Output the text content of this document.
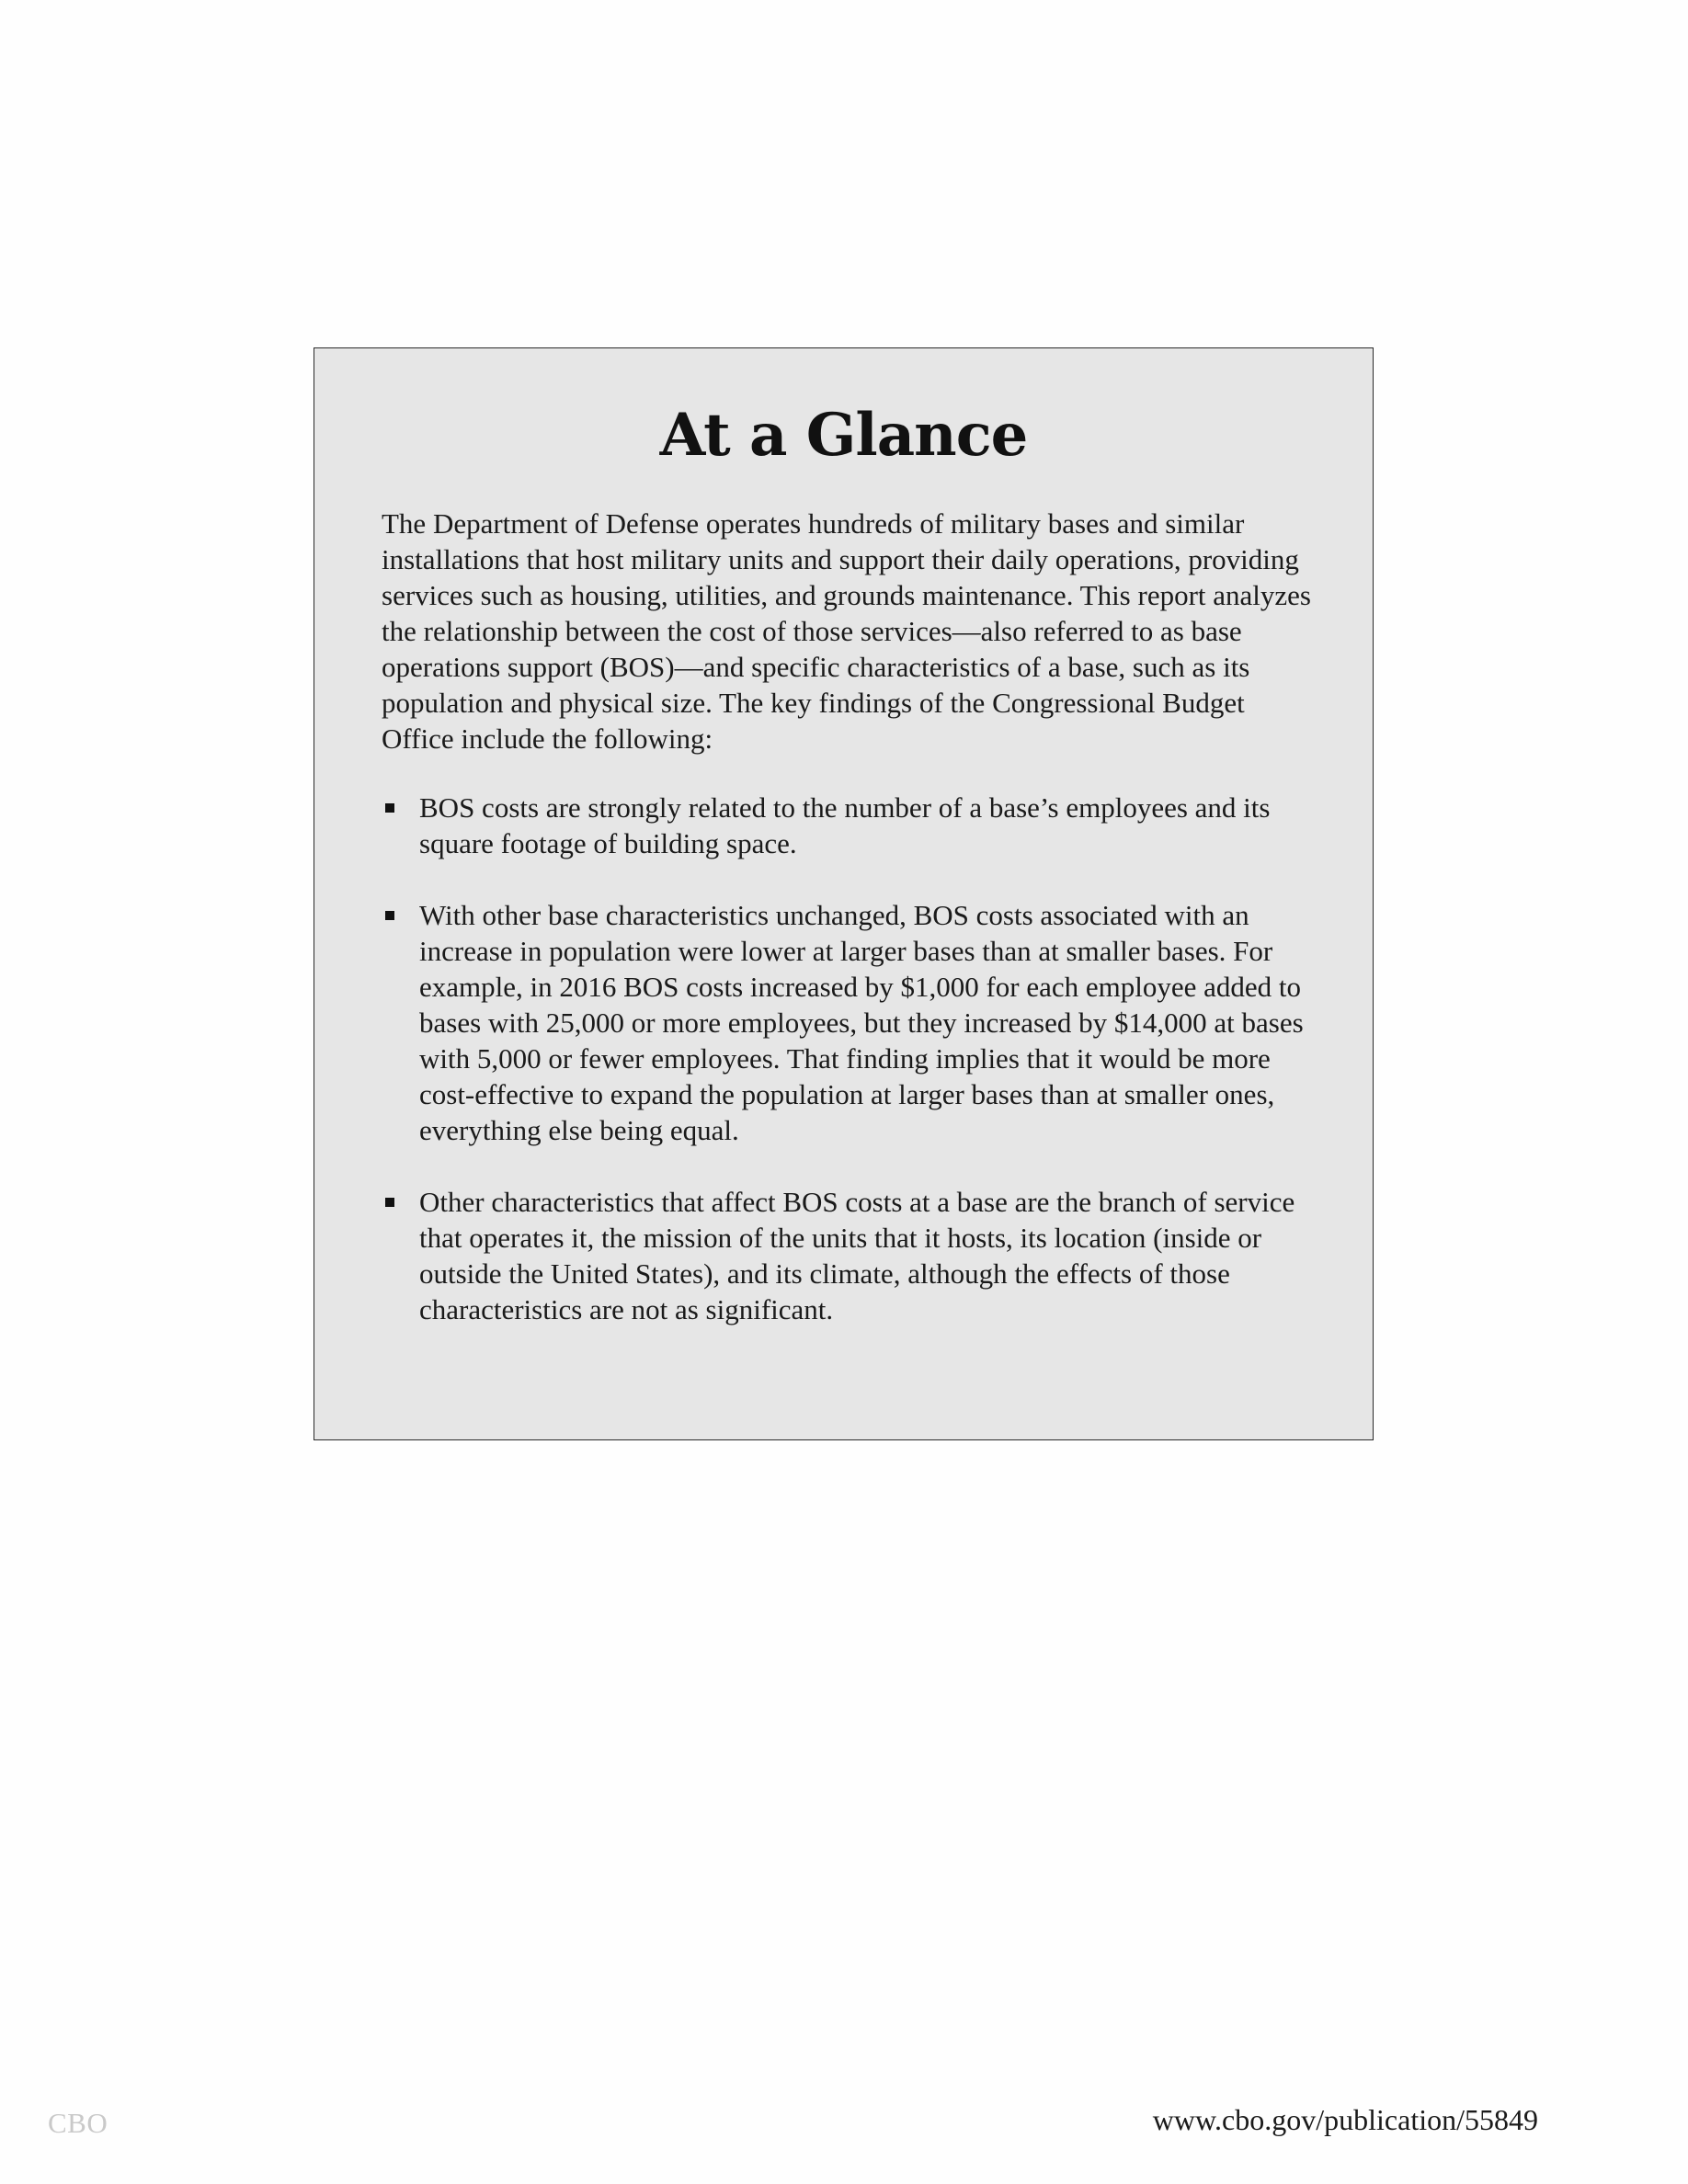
At a Glance

The Department of Defense operates hundreds of military bases and similar installations that host military units and support their daily operations, providing services such as housing, utilities, and grounds maintenance. This report analyzes the relationship between the cost of those services—also referred to as base operations support (BOS)—and specific characteristics of a base, such as its population and physical size. The key findings of the Congressional Budget Office include the following:

BOS costs are strongly related to the number of a base’s employees and its square footage of building space.
With other base characteristics unchanged, BOS costs associated with an increase in population were lower at larger bases than at smaller bases. For example, in 2016 BOS costs increased by $1,000 for each employee added to bases with 25,000 or more employees, but they increased by $14,000 at bases with 5,000 or fewer employees. That finding implies that it would be more cost-effective to expand the population at larger bases than at smaller ones, everything else being equal.
Other characteristics that affect BOS costs at a base are the branch of service that operates it, the mission of the units that it hosts, its location (inside or outside the United States), and its climate, although the effects of those characteristics are not as significant.
CBO	www.cbo.gov/publication/55849
